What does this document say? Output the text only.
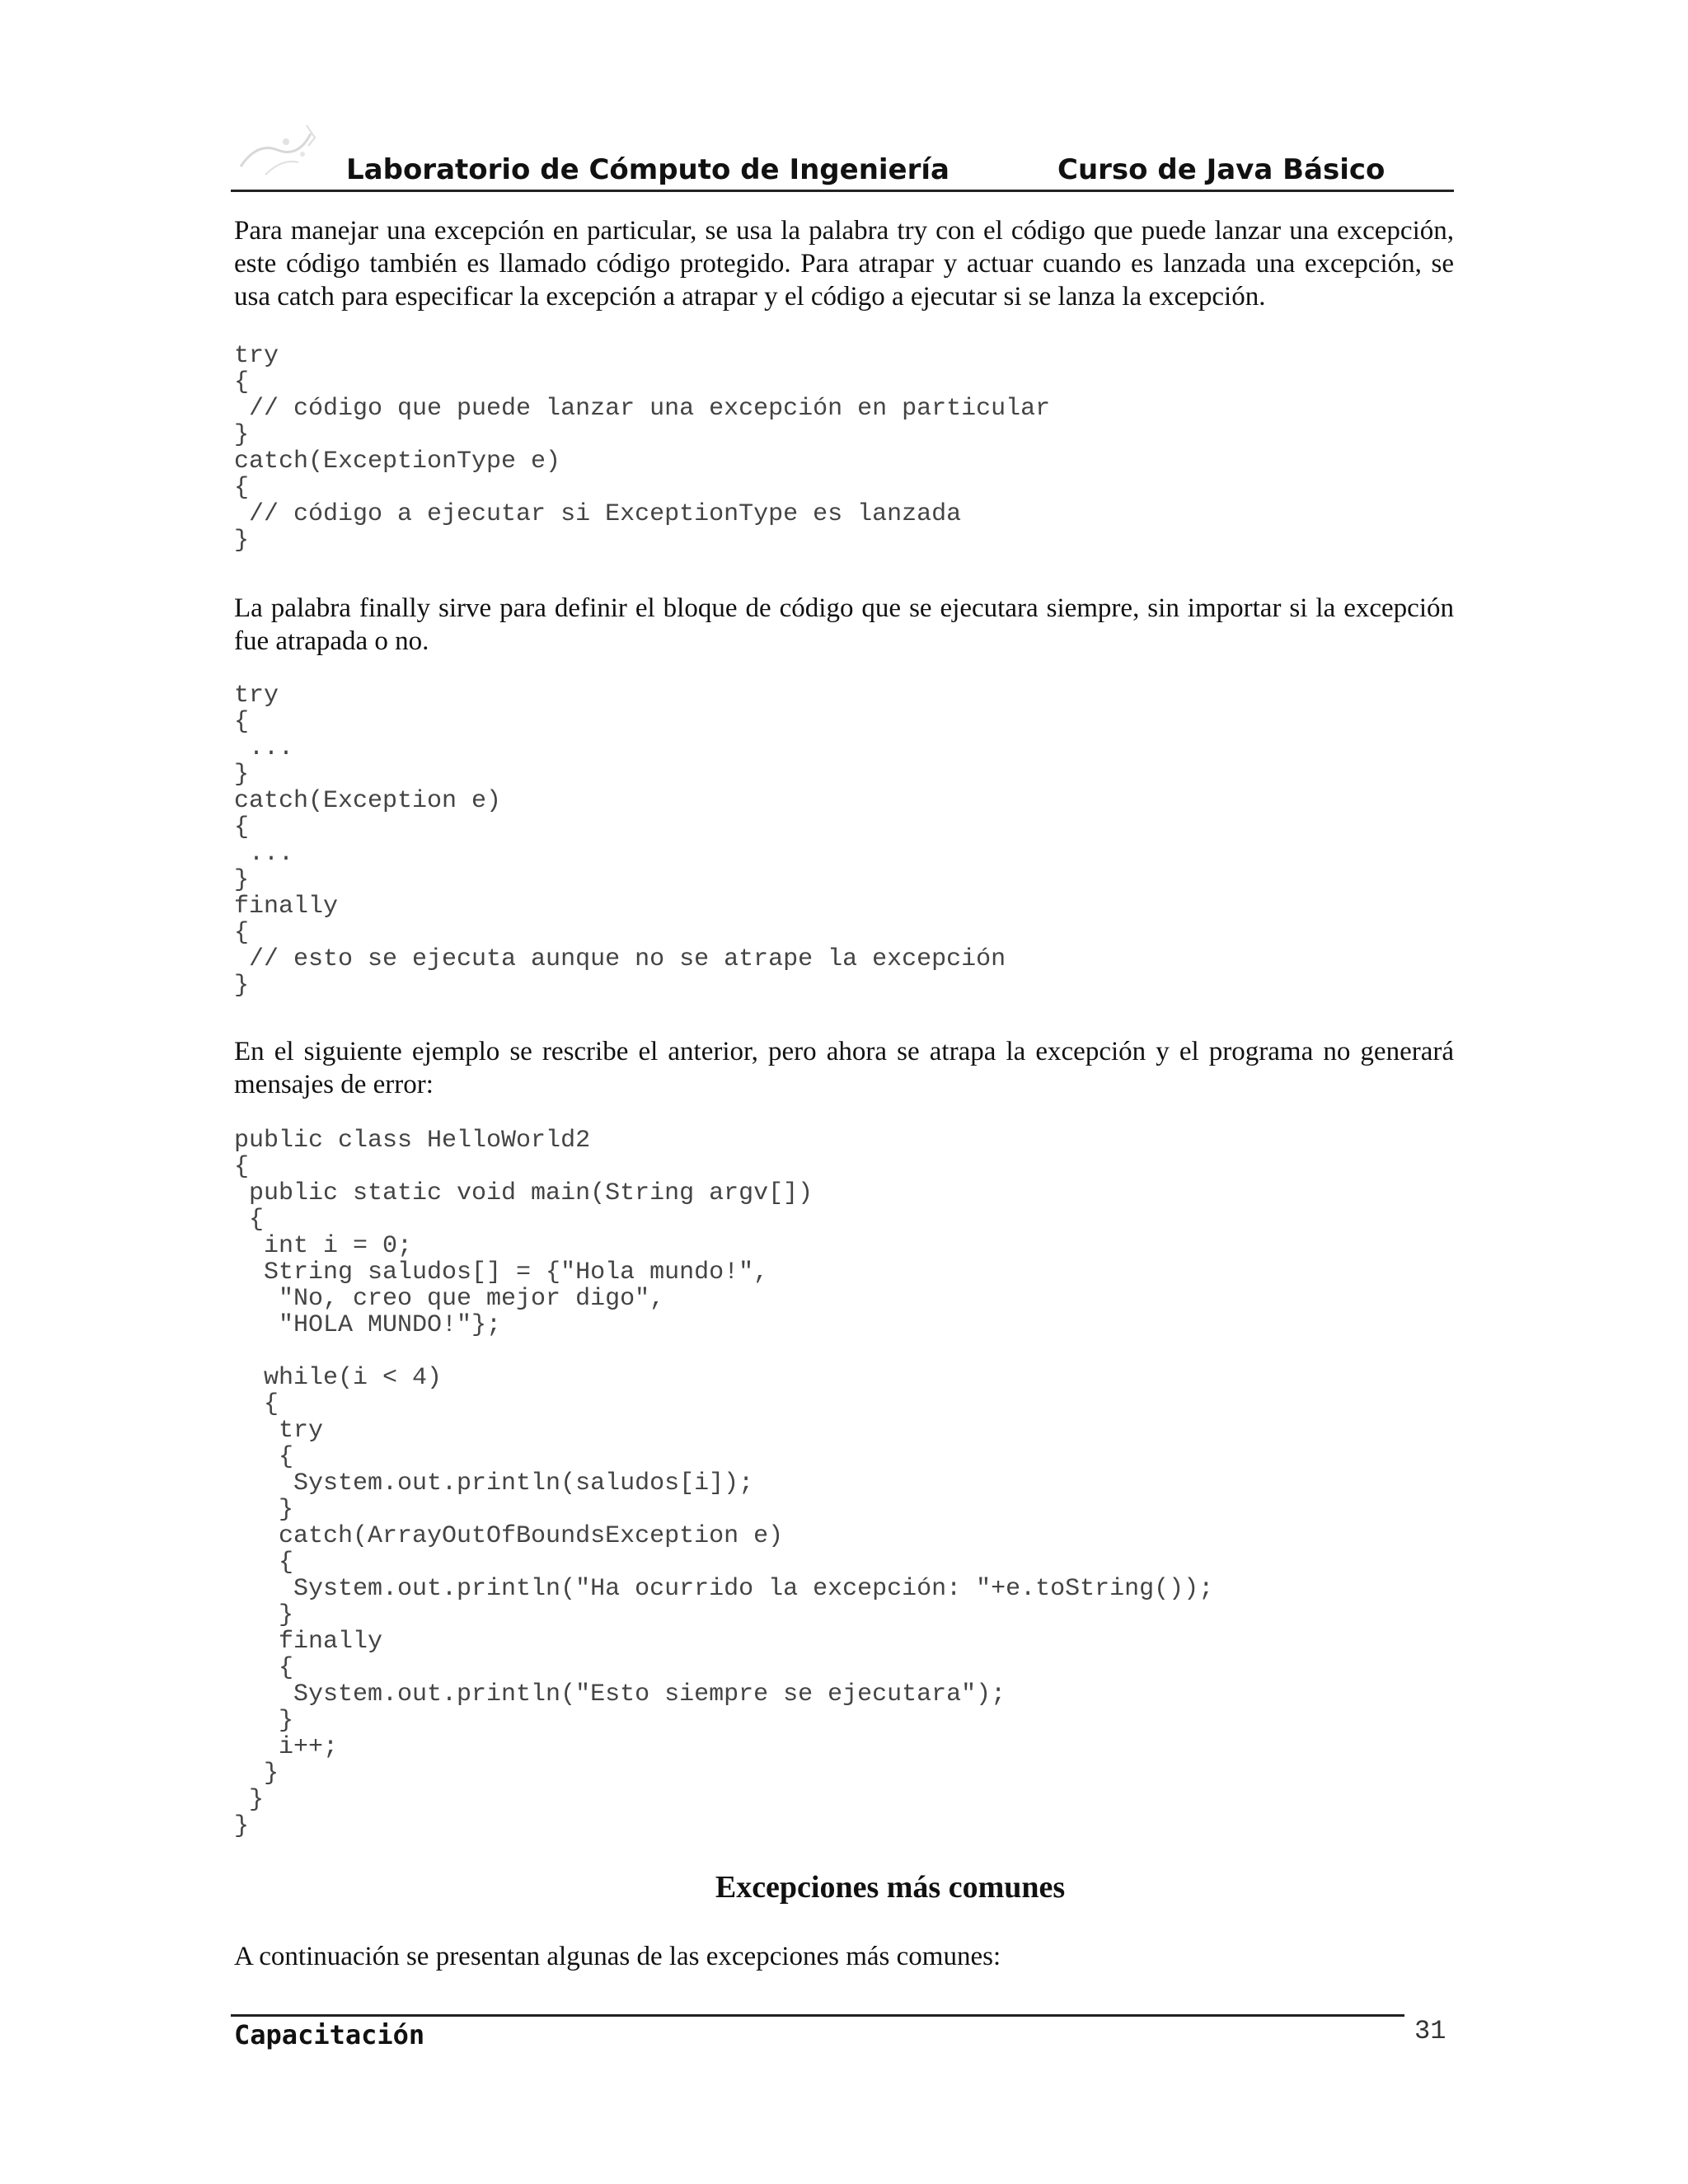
Laboratorio de Cómputo de Ingeniería	Curso de Java Básico
Para manejar una excepción en particular, se usa la palabra try con el código que puede lanzar una excepción,
este código también es llamado código protegido. Para atrapar y actuar cuando es lanzada una excepción, se
usa catch para especificar la excepción a atrapar y el código a ejecutar si se lanza la excepción.
try
{
// código que puede lanzar una excepción en particular
}
catch(ExceptionType e)
{
// código a ejecutar si ExceptionType es lanzada
}
La palabra finally sirve para definir el bloque de código que se ejecutara siempre, sin importar si la excepción
fue atrapada o no.
try
{
...
}
catch(Exception e)
{
...
}
finally
{
// esto se ejecuta aunque no se atrape la excepción
}
En el siguiente ejemplo se rescribe el anterior, pero ahora se atrapa la excepción y el programa no generará
mensajes de error:
public class HelloWorld2
{
public static void main(String argv[])
{
int i = 0;
String saludos[] = {"Hola mundo!",
"No, creo que mejor digo",
"HOLA MUNDO!"};

while(i < 4)
{
try
{
System.out.println(saludos[i]);
}
catch(ArrayOutOfBoundsException e)
{
System.out.println("Ha ocurrido la excepción: "+e.toString());
}
finally
{
System.out.println("Esto siempre se ejecutara");
}
i++;
}
}
}
Excepciones más comunes
A continuación se presentan algunas de las excepciones más comunes:
Capacitación	31
